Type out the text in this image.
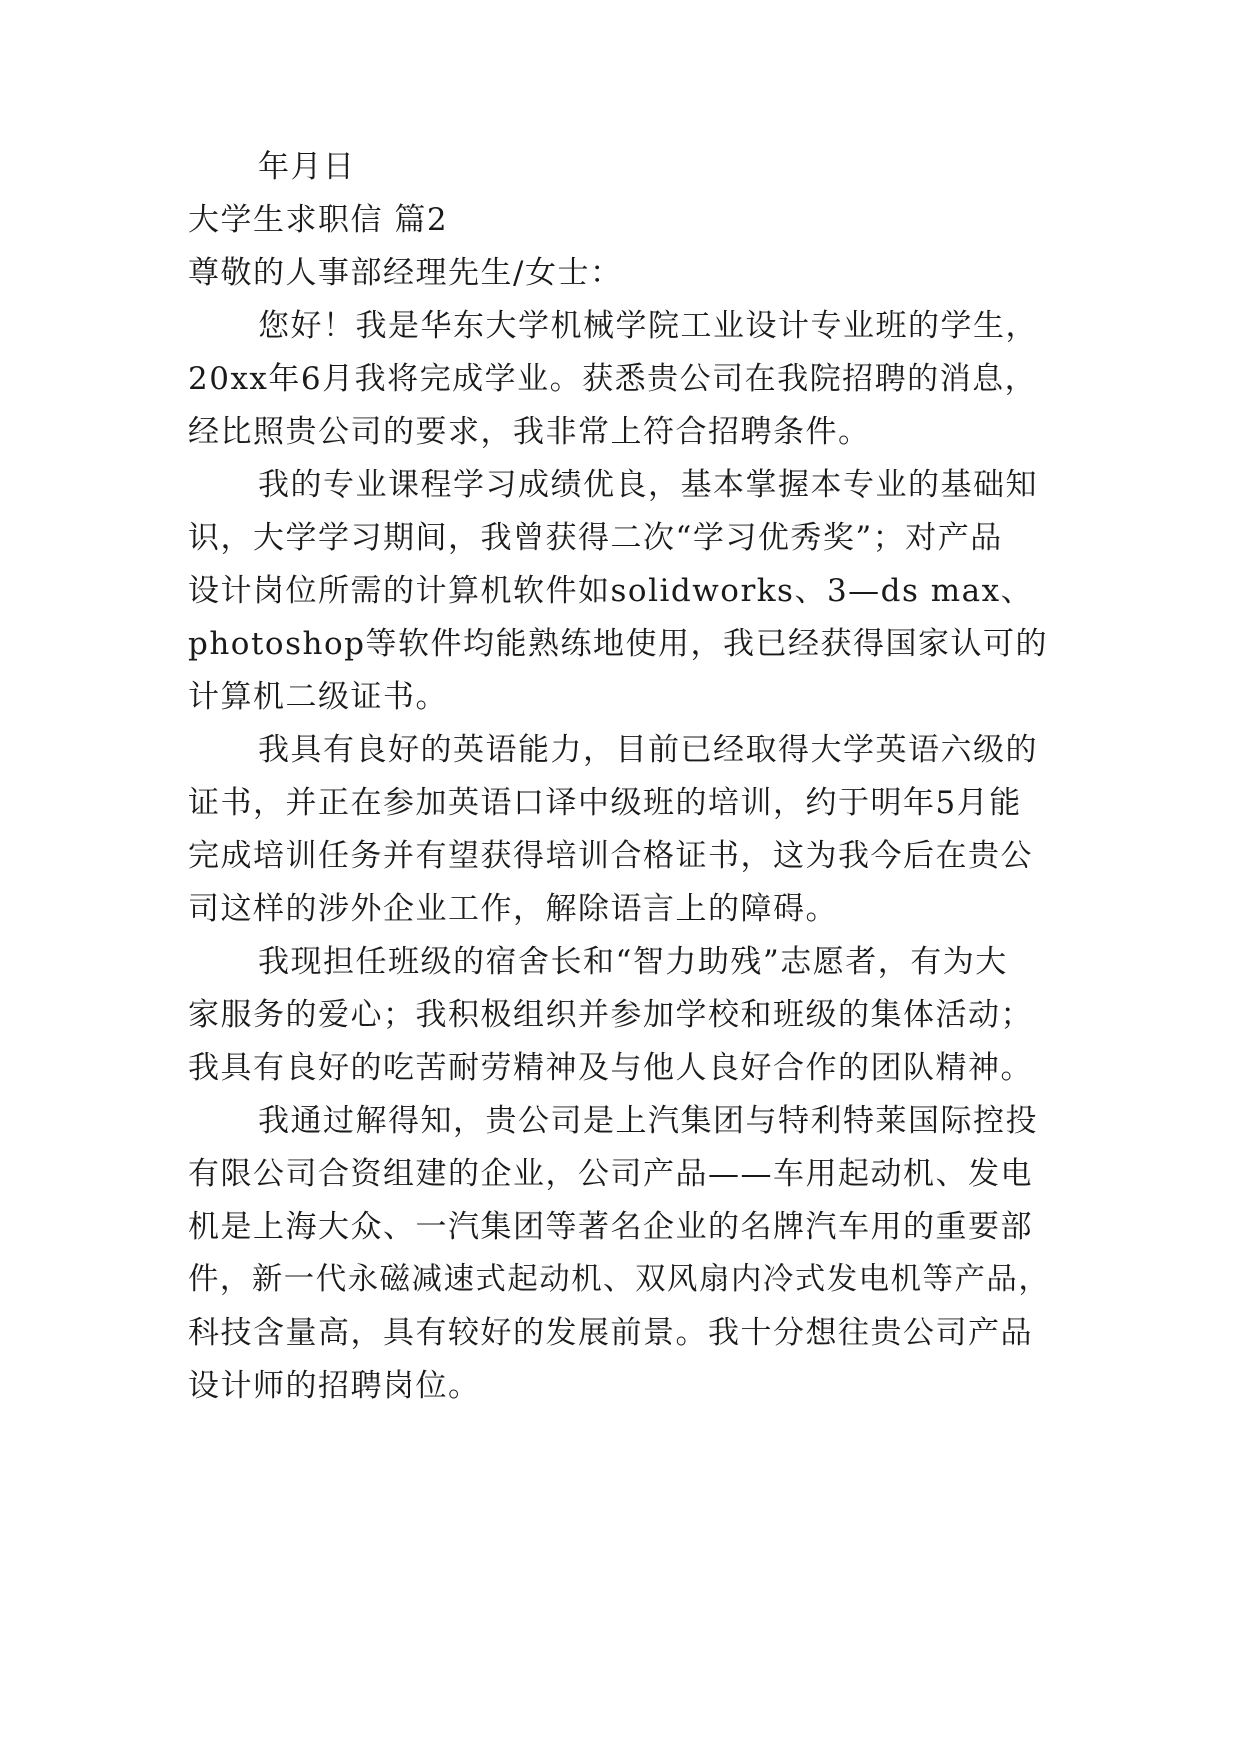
年月日
大学生求职信 篇2
尊敬的人事部经理先生/女士：
您好！我是华东大学机械学院工业设计专业班的学生，
20xx年6月我将完成学业。获悉贵公司在我院招聘的消息，
经比照贵公司的要求，我非常上符合招聘条件。
我的专业课程学习成绩优良，基本掌握本专业的基础知
识，大学学习期间，我曾获得二次“学习优秀奖”；对产品
设计岗位所需的计算机软件如solidworks、3—ds max、
photoshop等软件均能熟练地使用，我已经获得国家认可的
计算机二级证书。
我具有良好的英语能力，目前已经取得大学英语六级的
证书，并正在参加英语口译中级班的培训，约于明年5月能
完成培训任务并有望获得培训合格证书，这为我今后在贵公
司这样的涉外企业工作，解除语言上的障碍。
我现担任班级的宿舍长和“智力助残”志愿者，有为大
家服务的爱心；我积极组织并参加学校和班级的集体活动；
我具有良好的吃苦耐劳精神及与他人良好合作的团队精神。
我通过解得知，贵公司是上汽集团与特利特莱国际控投
有限公司合资组建的企业，公司产品——车用起动机、发电
机是上海大众、一汽集团等著名企业的名牌汽车用的重要部
件，新一代永磁减速式起动机、双风扇内冷式发电机等产品，
科技含量高，具有较好的发展前景。我十分想往贵公司产品
设计师的招聘岗位。
